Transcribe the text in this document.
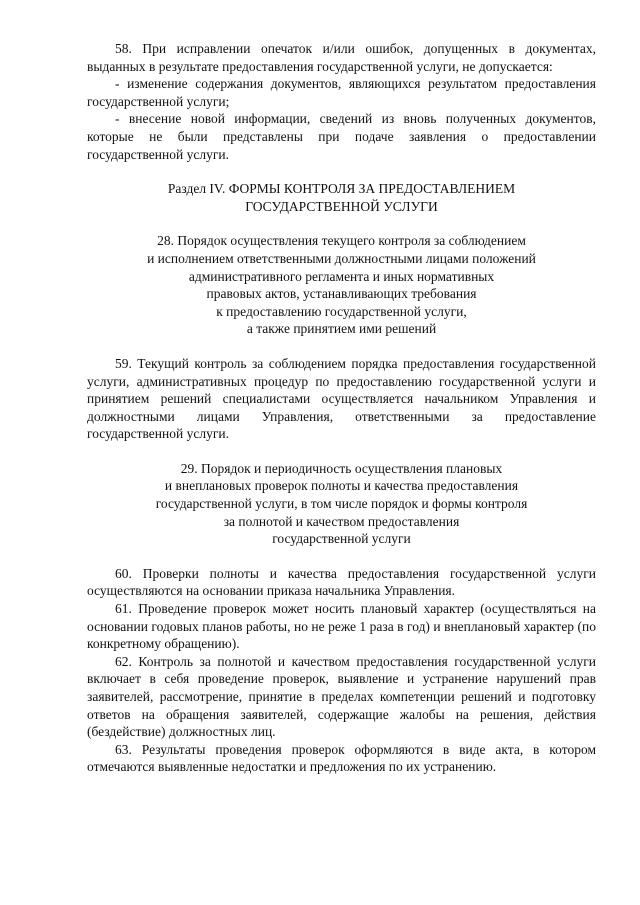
58. При исправлении опечаток и/или ошибок, допущенных в документах, выданных в результате предоставления государственной услуги, не допускается:

- изменение содержания документов, являющихся результатом предоставления государственной услуги;

- внесение новой информации, сведений из вновь полученных документов, которые не были представлены при подаче заявления о предоставлении государственной услуги.

Раздел IV. ФОРМЫ КОНТРОЛЯ ЗА ПРЕДОСТАВЛЕНИЕМ

ГОСУДАРСТВЕННОЙ УСЛУГИ

28. Порядок осуществления текущего контроля за соблюдением

и исполнением ответственными должностными лицами положений

административного регламента и иных нормативных

правовых актов, устанавливающих требования

к предоставлению государственной услуги,

а также принятием ими решений

59. Текущий контроль за соблюдением порядка предоставления государственной услуги, административных процедур по предоставлению государственной услуги и принятием решений специалистами осуществляется начальником Управления и должностными лицами Управления, ответственными за предоставление государственной услуги.

29. Порядок и периодичность осуществления плановых

и внеплановых проверок полноты и качества предоставления

государственной услуги, в том числе порядок и формы контроля

за полнотой и качеством предоставления

государственной услуги

60. Проверки полноты и качества предоставления государственной услуги осуществляются на основании приказа начальника Управления.

61. Проведение проверок может носить плановый характер (осуществляться на основании годовых планов работы, но не реже 1 раза в год) и внеплановый характер (по конкретному обращению).

62. Контроль за полнотой и качеством предоставления государственной услуги включает в себя проведение проверок, выявление и устранение нарушений прав заявителей, рассмотрение, принятие в пределах компетенции решений и подготовку ответов на обращения заявителей, содержащие жалобы на решения, действия (бездействие) должностных лиц.

63. Результаты проведения проверок оформляются в виде акта, в котором отмечаются выявленные недостатки и предложения по их устранению.
